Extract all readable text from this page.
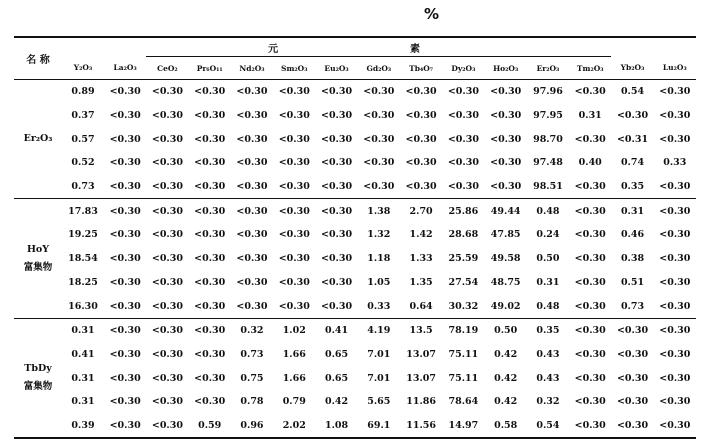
%
名 称			元						素						
	Y₂O₃	La₂O₃	CeO₂	Pr₆O₁₁	Nd₂O₃	Sm₂O₃	Eu₂O₃	Gd₂O₃	Tb₄O₇	Dy₂O₃	Ho₂O₃	Er₂O₃	Tm₂O₃	Yb₂O₃	Lu₂O₃

Er₂O₃	0.89	<0.30	<0.30	<0.30	<0.30	<0.30	<0.30	<0.30	<0.30	<0.30	<0.30	97.96	<0.30	0.54	<0.30
	0.37	<0.30	<0.30	<0.30	<0.30	<0.30	<0.30	<0.30	<0.30	<0.30	<0.30	97.95	0.31	<0.30	<0.30
	0.57	<0.30	<0.30	<0.30	<0.30	<0.30	<0.30	<0.30	<0.30	<0.30	<0.30	98.70	<0.30	<0.31	<0.30
	0.52	<0.30	<0.30	<0.30	<0.30	<0.30	<0.30	<0.30	<0.30	<0.30	<0.30	97.48	0.40	0.74	0.33
	0.73	<0.30	<0.30	<0.30	<0.30	<0.30	<0.30	<0.30	<0.30	<0.30	<0.30	98.51	<0.30	0.35	<0.30

HoY
富集物	17.83	<0.30	<0.30	<0.30	<0.30	<0.30	<0.30	1.38	2.70	25.86	49.44	0.48	<0.30	0.31	<0.30
	19.25	<0.30	<0.30	<0.30	<0.30	<0.30	<0.30	1.32	1.42	28.68	47.85	0.24	<0.30	0.46	<0.30
	18.54	<0.30	<0.30	<0.30	<0.30	<0.30	<0.30	1.18	1.33	25.59	49.58	0.50	<0.30	0.38	<0.30
	18.25	<0.30	<0.30	<0.30	<0.30	<0.30	<0.30	1.05	1.35	27.54	48.75	0.31	<0.30	0.51	<0.30
	16.30	<0.30	<0.30	<0.30	<0.30	<0.30	<0.30	0.33	0.64	30.32	49.02	0.48	<0.30	0.73	<0.30

TbDy
富集物	0.31	<0.30	<0.30	<0.30	0.32	1.02	0.41	4.19	13.5	78.19	0.50	0.35	<0.30	<0.30	<0.30
	0.41	<0.30	<0.30	<0.30	0.73	1.66	0.65	7.01	13.07	75.11	0.42	0.43	<0.30	<0.30	<0.30
	0.31	<0.30	<0.30	<0.30	0.75	1.66	0.65	7.01	13.07	75.11	0.42	0.43	<0.30	<0.30	<0.30
	0.31	<0.30	<0.30	<0.30	0.78	0.79	0.42	5.65	11.86	78.64	0.42	0.32	<0.30	<0.30	<0.30
	0.39	<0.30	<0.30	0.59	0.96	2.02	1.08	69.1	11.56	14.97	0.58	0.54	<0.30	<0.30	<0.30
